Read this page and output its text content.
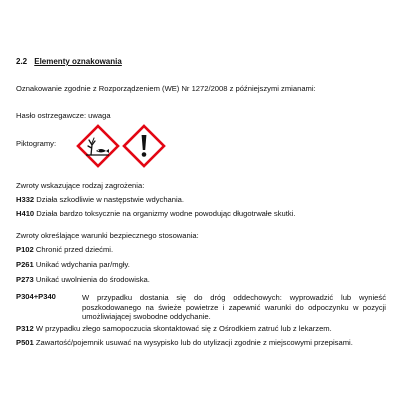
2.2 Elementy oznakowania
Oznakowanie zgodnie z Rozporządzeniem (WE) Nr 1272/2008 z późniejszymi zmianami:
Hasło ostrzegawcze: uwaga
Piktogramy:
Zwroty wskazujące rodzaj zagrożenia:
H332 Działa szkodliwie w następstwie wdychania.
H410 Działa bardzo toksycznie na organizmy wodne powodując długotrwałe skutki.
Zwroty określające warunki bezpiecznego stosowania:
P102 Chronić przed dziećmi.
P261 Unikać wdychania par/mgły.
P273 Unikać uwolnienia do środowiska.
P304+P340	W przypadku dostania się do dróg oddechowych: wyprowadzić lub wynieść poszkodowanego na świeże powietrze i zapewnić warunki do odpoczynku w pozycji umożliwiającej swobodne oddychanie.
P312 W przypadku złego samopoczucia skontaktować się z Ośrodkiem zatruć lub z lekarzem.
P501 Zawartość/pojemnik usuwać na wysypisko lub do utylizacji zgodnie z miejscowymi przepisami.
